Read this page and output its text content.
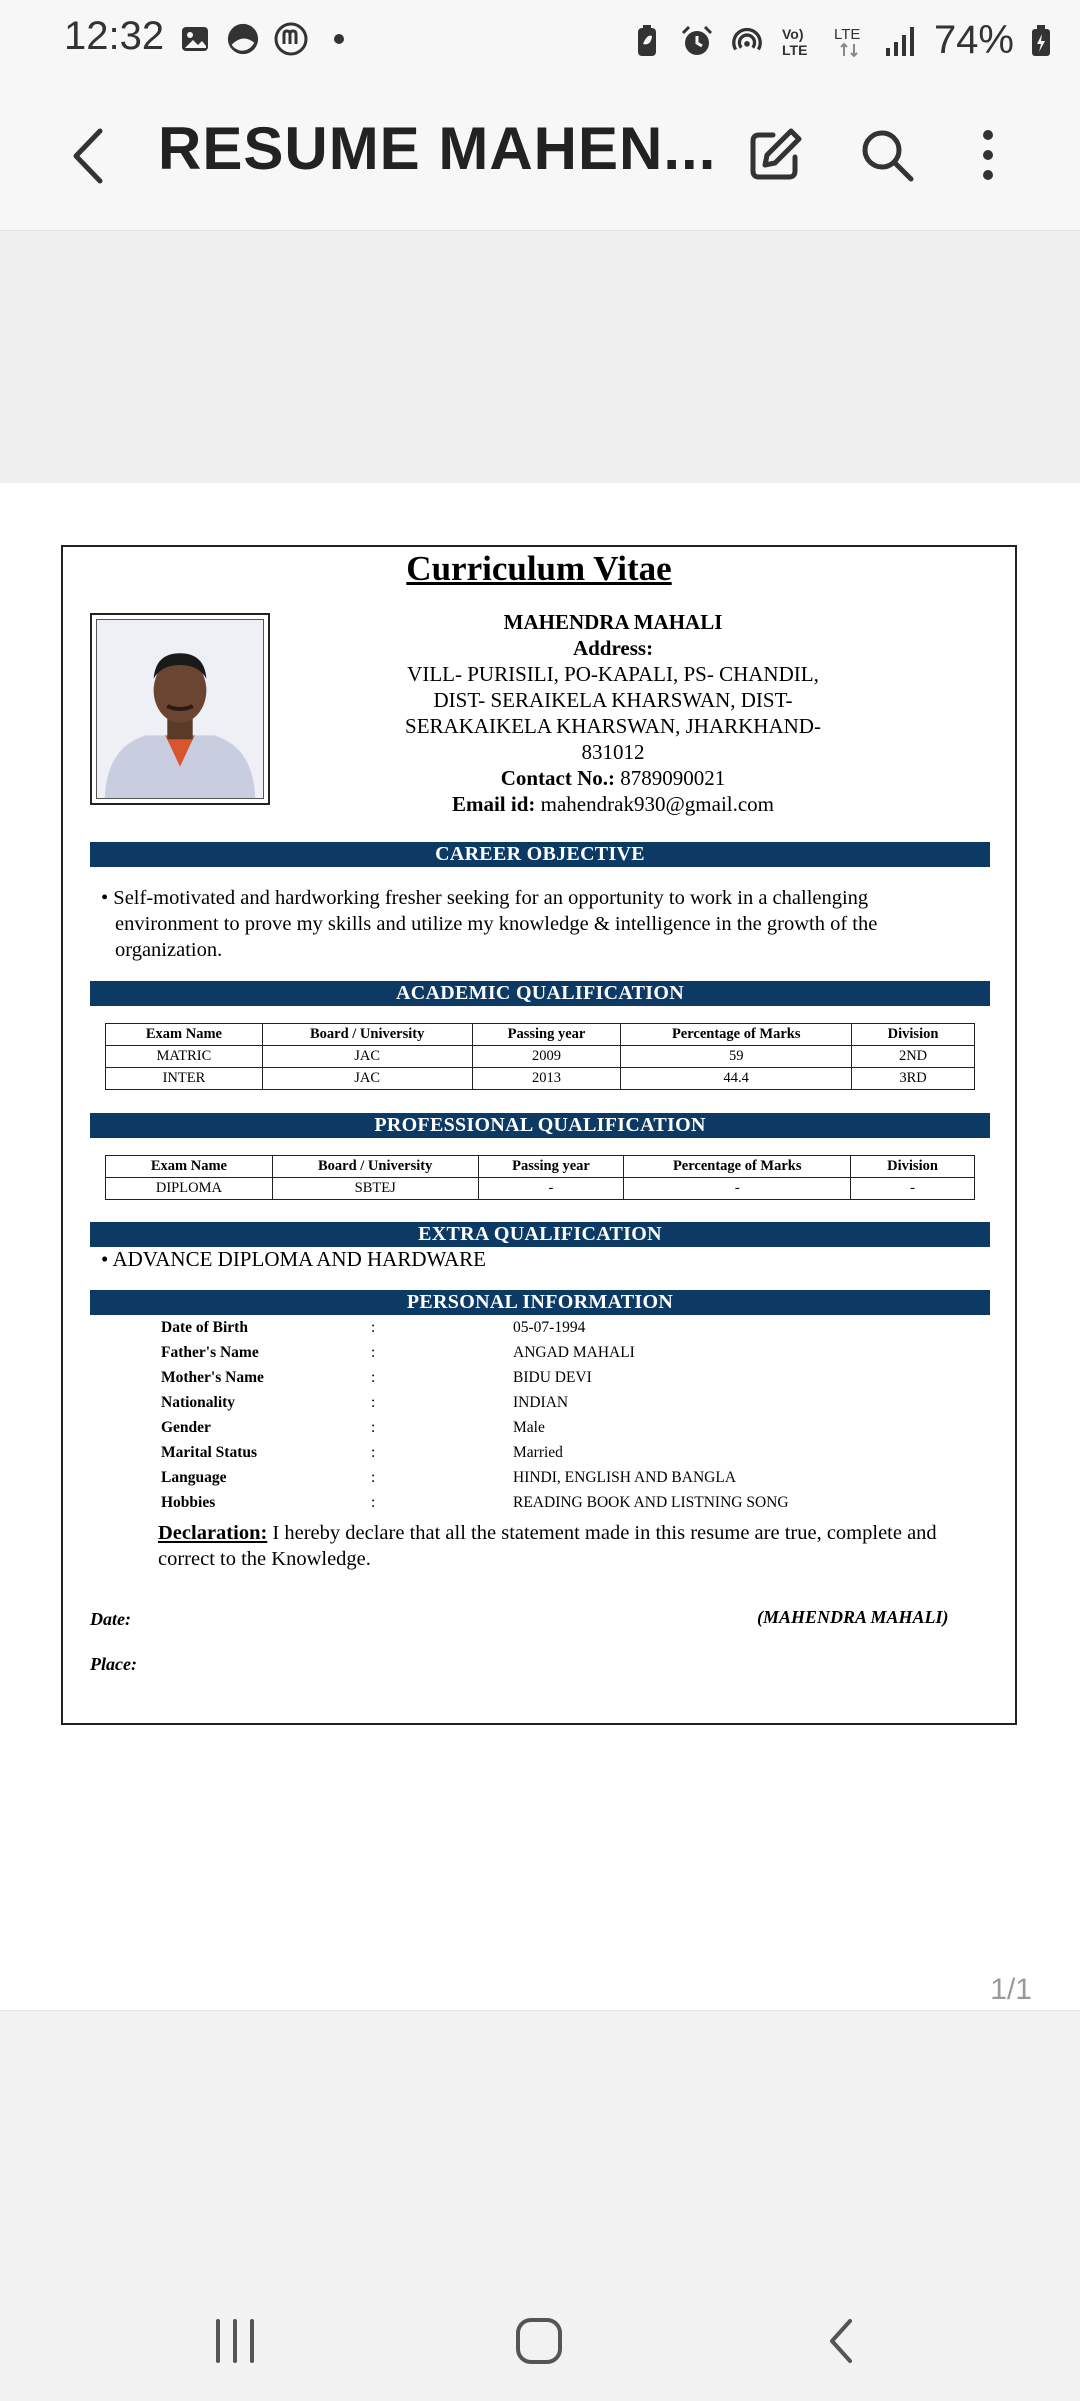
12:32	Vo)
LTE
LTE 74%
RESUME MAHEN...
Curriculum Vitae
MAHENDRA MAHALI
Address:
VILL- PURISILI, PO-KAPALI, PS- CHANDIL,
DIST- SERAIKELA KHARSWAN, DIST-
SERAKAIKELA KHARSWAN, JHARKHAND-
831012
Contact No.: 8789090021
Email id: mahendrak930@gmail.com
CAREER OBJECTIVE
• Self-motivated and hardworking fresher seeking for an opportunity to work in a challenging environment to prove my skills and utilize my knowledge & intelligence in the growth of the organization.
ACADEMIC QUALIFICATION
Exam Name	Board / University	Passing year	Percentage of Marks	Division
MATRIC	JAC	2009	59	2ND
INTER	JAC	2013	44.4	3RD
PROFESSIONAL QUALIFICATION
Exam Name	Board / University	Passing year	Percentage of Marks	Division
DIPLOMA	SBTEJ	-	-	-
EXTRA QUALIFICATION
• ADVANCE DIPLOMA AND HARDWARE
PERSONAL INFORMATION
Date of Birth	:	05-07-1994
Father's Name	:	ANGAD MAHALI
Mother's Name	:	BIDU DEVI
Nationality	:	INDIAN
Gender	:	Male
Marital Status	:	Married
Language	:	HINDI, ENGLISH AND BANGLA
Hobbies	:	READING BOOK AND LISTNING SONG
Declaration: I hereby declare that all the statement made in this resume are true, complete and correct to the Knowledge.
Date:
Place:
(MAHENDRA MAHALI)
1/1
